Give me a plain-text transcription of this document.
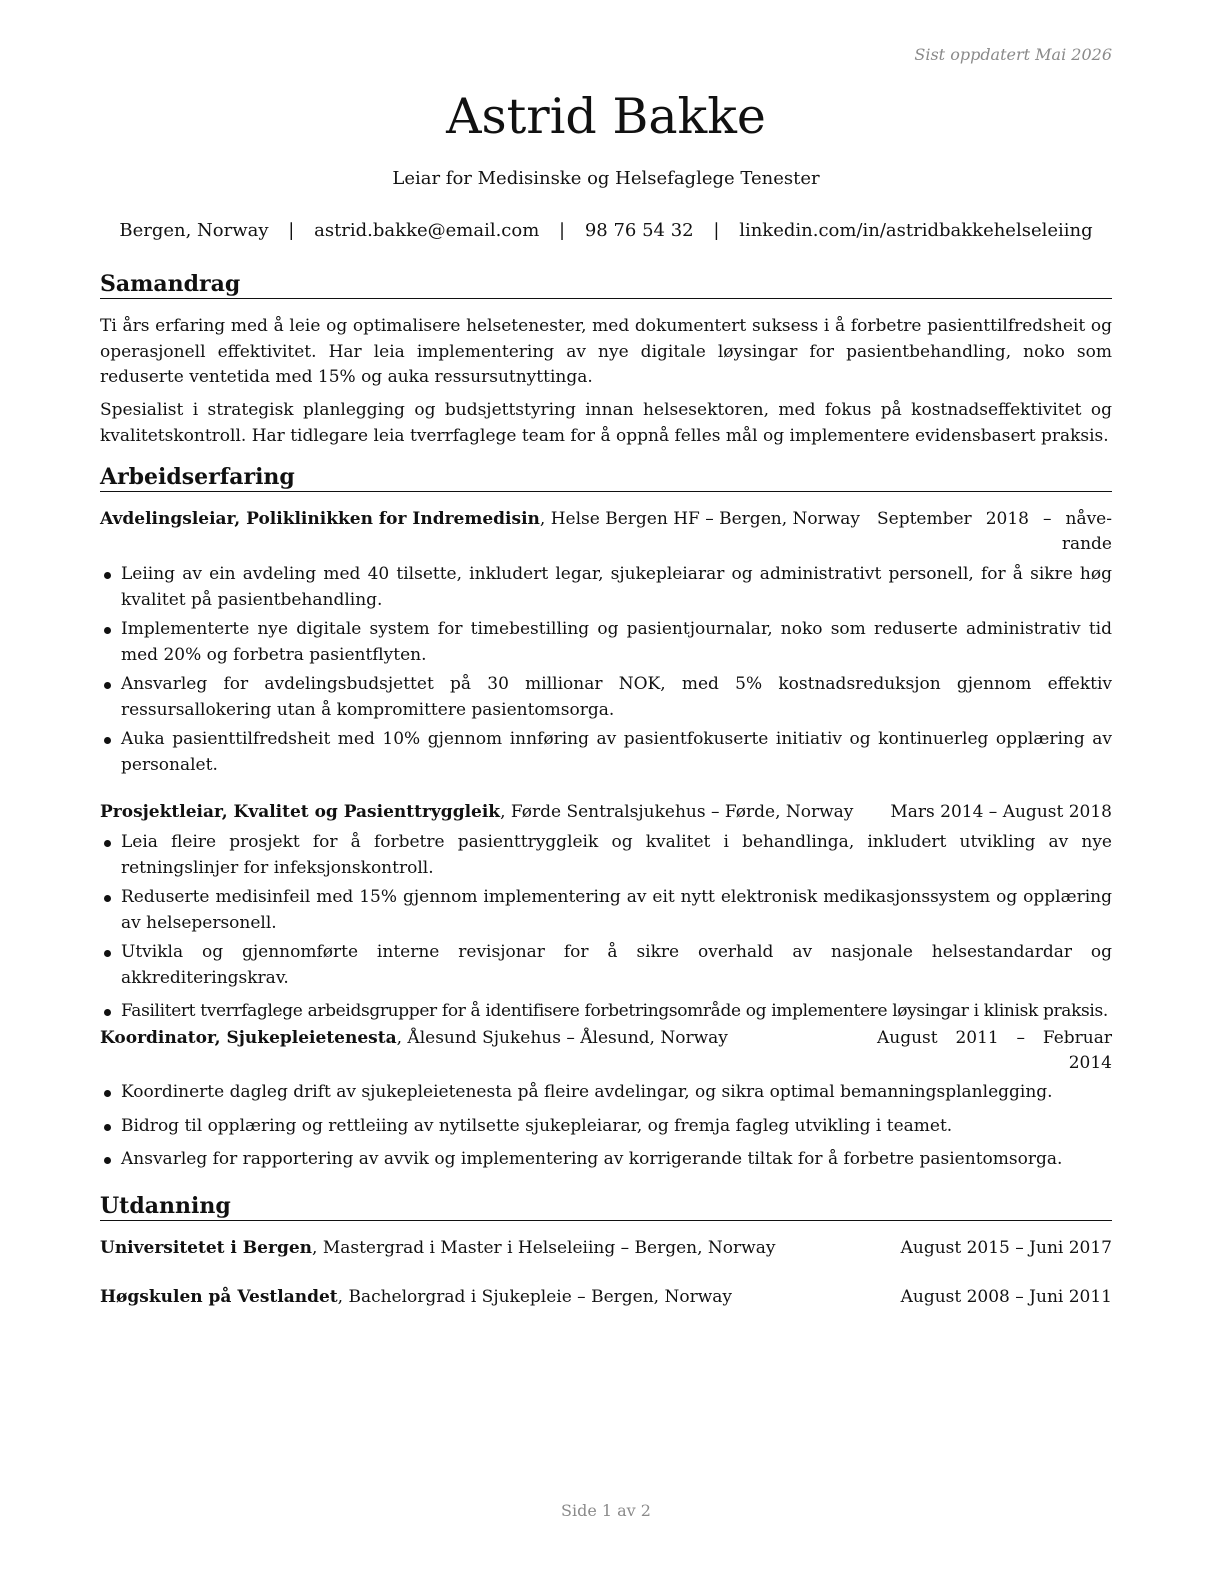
Sist oppdatert Mai 2026
Astrid Bakke
Leiar for Medisinske og Helsefaglege Tenester
Bergen, Norway | astrid.bakke@email.com | 98 76 54 32 | linkedin.com/in/astridbakkehelseleiing
Samandrag
Ti års erfaring med å leie og optimalisere helsetenester, med dokumentert suksess i å forbetre pasienttilfredsheit og operasjonell effektivitet. Har leia implementering av nye digitale løysingar for pasientbehandling, noko som reduserte ventetida med 15% og auka ressursutnyttinga.
Spesialist i strategisk planlegging og budsjettstyring innan helsesektoren, med fokus på kostnadseffektivitet og kvalitetskontroll. Har tidlegare leia tverrfaglege team for å oppnå felles mål og implementere evidensbasert praksis.
Arbeidserfaring
Avdelingsleiar, Poliklinikken for Indremedisin, Helse Bergen HF – Bergen, Norway September 2018 – nåverande
Leiing av ein avdeling med 40 tilsette, inkludert legar, sjukepleiarar og administrativt personell, for å sikre høg kvalitet på pasientbehandling.
Implementerte nye digitale system for timebestilling og pasientjournalar, noko som reduserte administrativ tid med 20% og forbetra pasientflyten.
Ansvarleg for avdelingsbudsjettet på 30 millionar NOK, med 5% kostnadsreduksjon gjennom effektiv ressursallokering utan å kompromittere pasientomsorga.
Auka pasienttilfredsheit med 10% gjennom innføring av pasientfokuserte initiativ og kontinuerleg opplæring av personalet.
Prosjektleiar, Kvalitet og Pasienttryggleik, Førde Sentralsjukehus – Førde, Norway Mars 2014 – August 2018
Leia fleire prosjekt for å forbetre pasienttryggleik og kvalitet i behandlinga, inkludert utvikling av nye retningslinjer for infeksjonskontroll.
Reduserte medisinfeil med 15% gjennom implementering av eit nytt elektronisk medikasjonssystem og opplæring av helsepersonell.
Utvikla og gjennomførte interne revisjonar for å sikre overhald av nasjonale helsestandardar og akkrediteringskrav.
Fasilitert tverrfaglege arbeidsgrupper for å identifisere forbetringsområde og implementere løysingar i klinisk praksis.
Koordinator, Sjukepleietenesta, Ålesund Sjukehus – Ålesund, Norway	August 2011 – Februar 2014
Koordinerte dagleg drift av sjukepleietenesta på fleire avdelingar, og sikra optimal bemanningsplanlegging.
Bidrog til opplæring og rettleiing av nytilsette sjukepleiarar, og fremja fagleg utvikling i teamet.
Ansvarleg for rapportering av avvik og implementering av korrigerande tiltak for å forbetre pasientomsorga.
Utdanning
Universitetet i Bergen, Mastergrad i Master i Helseleiing – Bergen, Norway	August 2015 – Juni 2017
Høgskulen på Vestlandet, Bachelorgrad i Sjukepleie – Bergen, Norway	August 2008 – Juni 2011
Side 1 av 2
